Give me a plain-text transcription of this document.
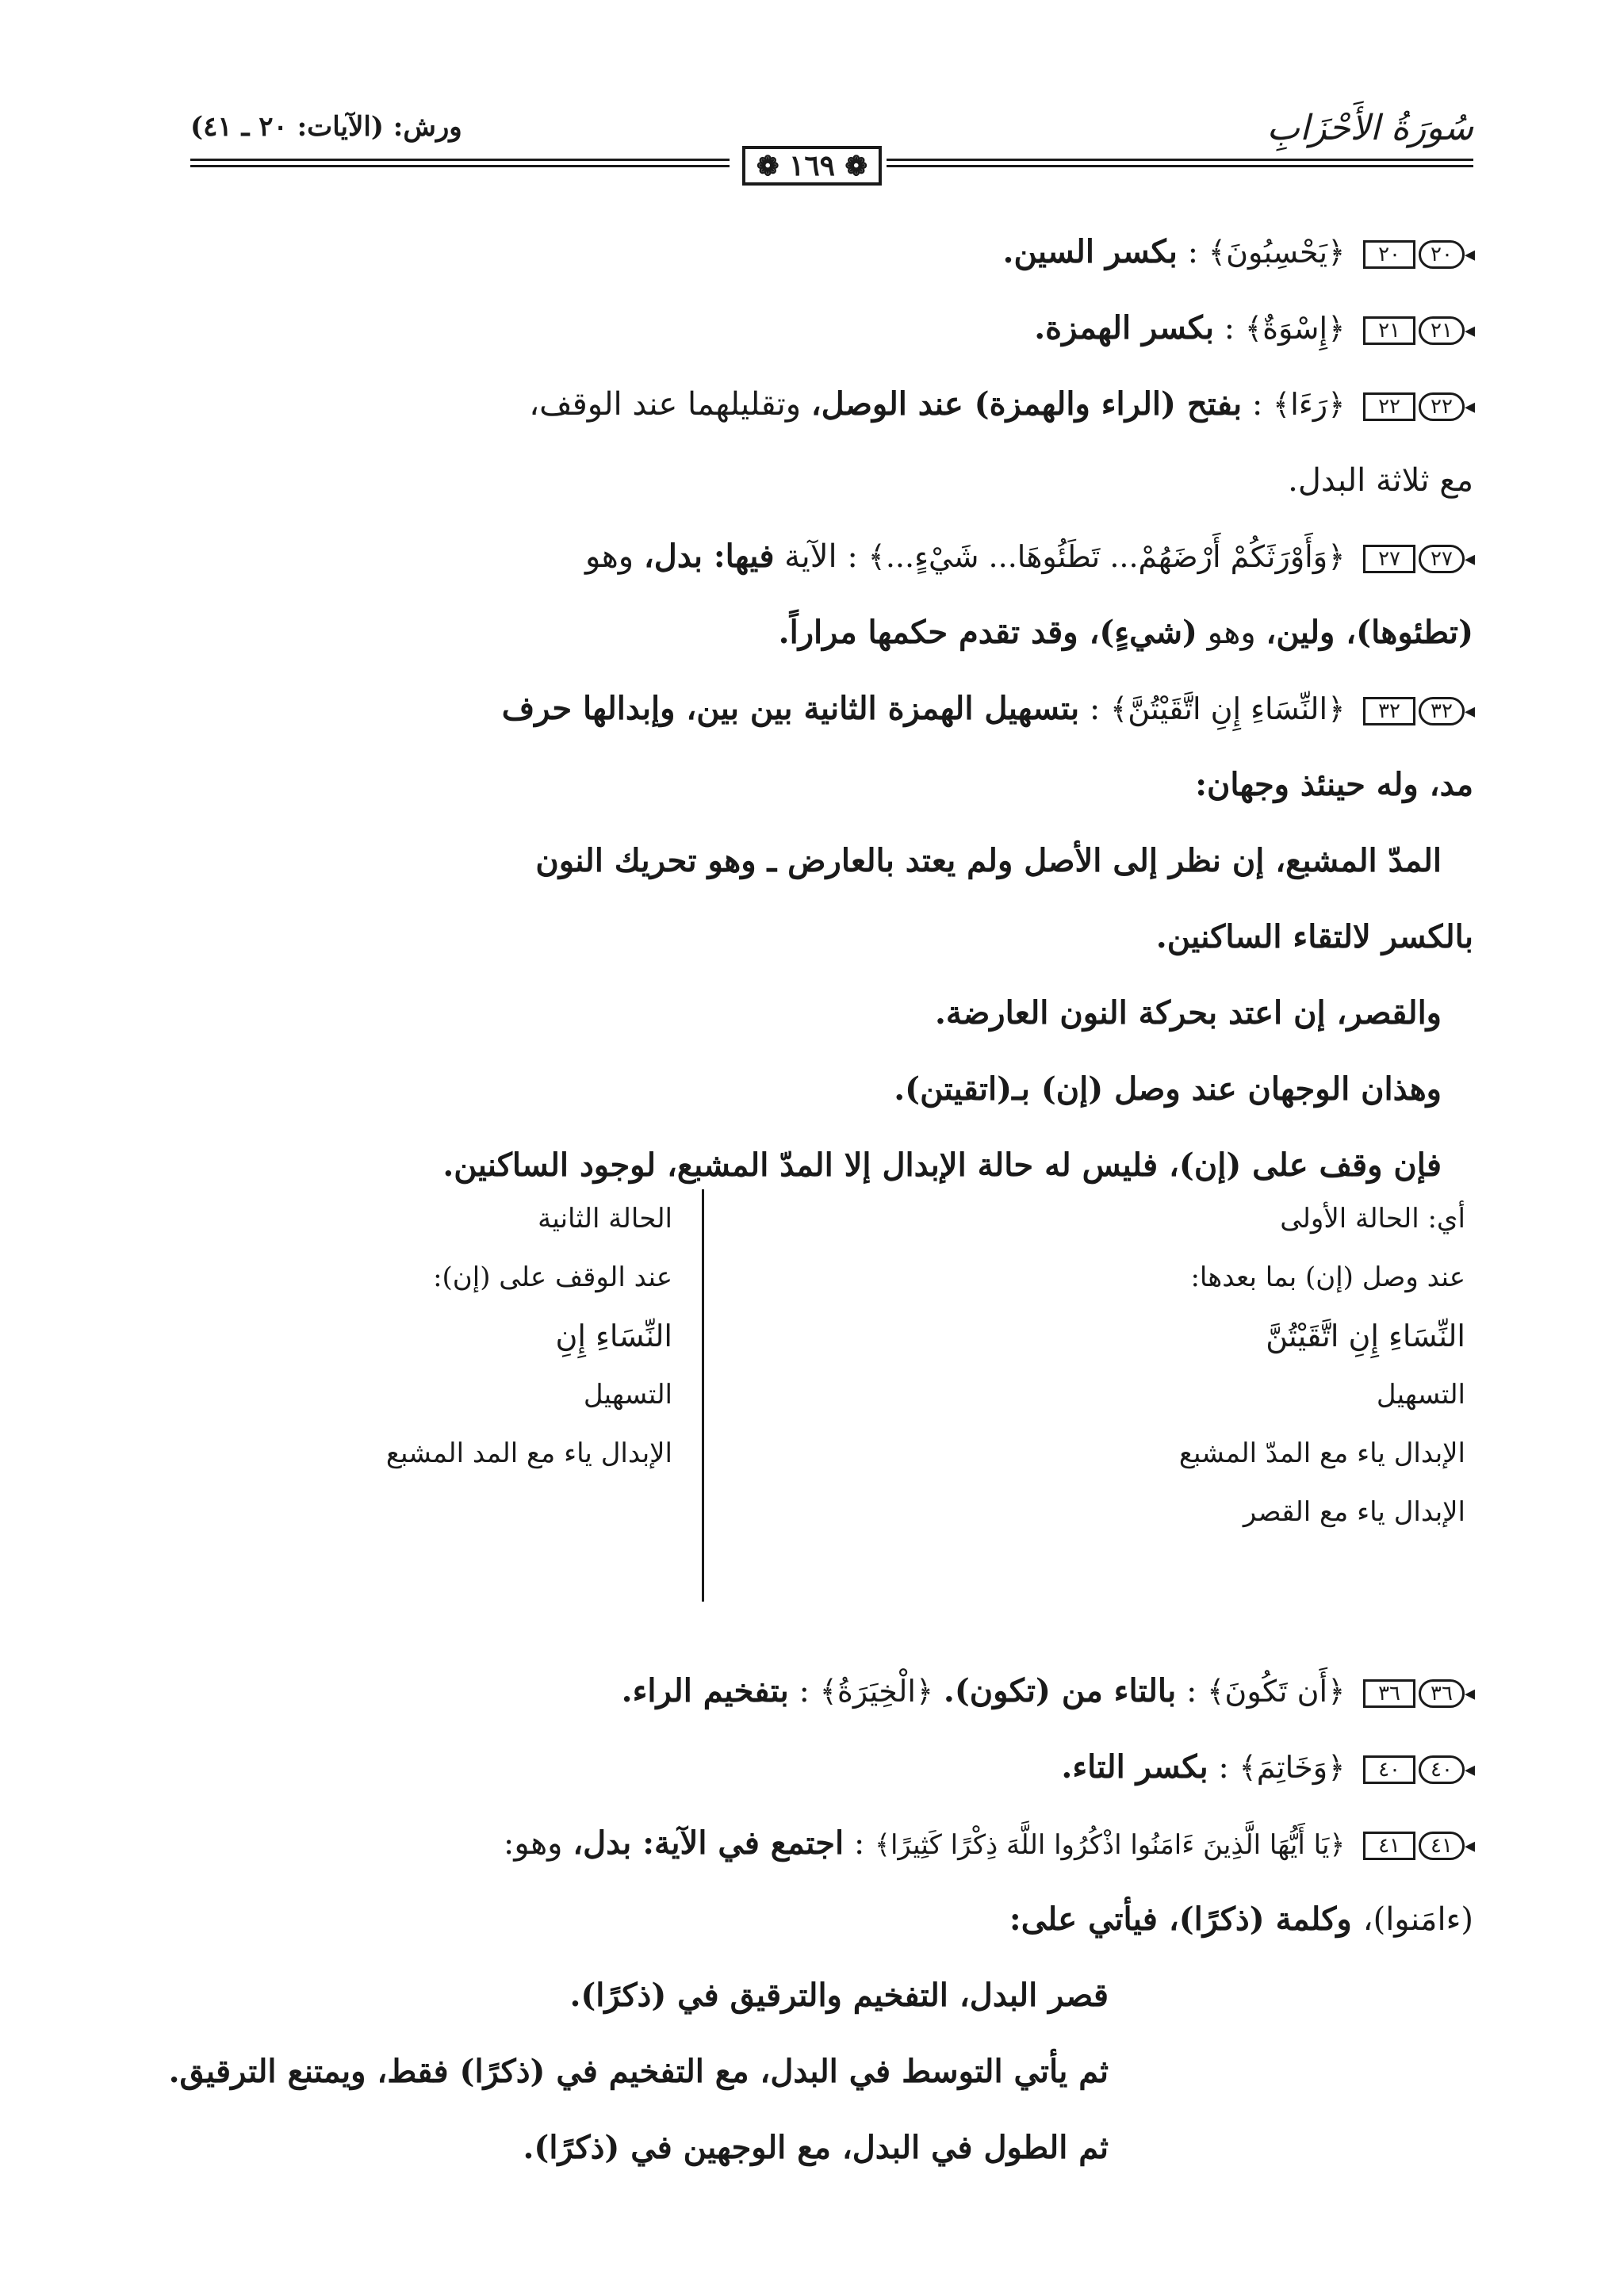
ورش: (الآيات: ٢٠ ـ ٤١)	سُورَةُ الأَحْزَابِ
❁ ١٦٩ ❁
◂٢٠٢٠ ﴿يَحْسِبُونَ﴾ : بكسر السين.
◂٢١٢١ ﴿إِسْوَةٌ﴾ : بكسر الهمزة.
◂٢٢٢٢ ﴿رَءَا﴾ : بفتح (الراء والهمزة) عند الوصل، وتقليلهما عند الوقف،
مع ثلاثة البدل.
◂٢٧٢٧ ﴿وَأَوْرَثَكُمْ أَرْضَهُمْ... تَطَئُوهَا... شَيْءٍ...﴾ : الآية فيها: بدل، وهو
(تطئوها)، ولين، وهو (شيءٍ)، وقد تقدم حكمها مراراً.
◂٣٢٣٢ ﴿النِّسَاءِ إِنِ اتَّقَيْتُنَّ﴾ : بتسهيل الهمزة الثانية بين بين، وإبدالها حرف
مد، وله حينئذ وجهان:
المدّ المشبع، إن نظر إلى الأصل ولم يعتد بالعارض ـ وهو تحريك النون
بالكسر لالتقاء الساكنين.
والقصر، إن اعتد بحركة النون العارضة.
وهذان الوجهان عند وصل (إن) بـ(اتقيتن).
فإن وقف على (إن)، فليس له حالة الإبدال إلا المدّ المشبع، لوجود الساكنين.
أي: الحالة الأولى
عند وصل (إن) بما بعدها:
النِّسَاءِ إِنِ اتَّقَيْتُنَّ
التسهيل
الإبدال ياء مع المدّ المشبع
الإبدال ياء مع القصر
الحالة الثانية
عند الوقف على (إن):
النِّسَاءِ إِنِ
التسهيل
الإبدال ياء مع المد المشبع
◂٣٦٣٦ ﴿أَن تَكُونَ﴾ : بالتاء من (تكون). ﴿الْخِيَرَةُ﴾ : بتفخيم الراء.
◂٤٠٤٠ ﴿وَخَاتِمَ﴾ : بكسر التاء.
◂٤١٤١ ﴿يَا أَيُّهَا الَّذِينَ ءَامَنُوا اذْكُرُوا اللَّهَ ذِكْرًا كَثِيرًا﴾ : اجتمع في الآية: بدل، وهو:
(ءامَنوا)، وكلمة (ذكرًا)، فيأتي على:
قصر البدل، التفخيم والترقيق في (ذكرًا).
ثم يأتي التوسط في البدل، مع التفخيم في (ذكرًا) فقط، ويمتنع الترقيق.
ثم الطول في البدل، مع الوجهين في (ذكرًا).
